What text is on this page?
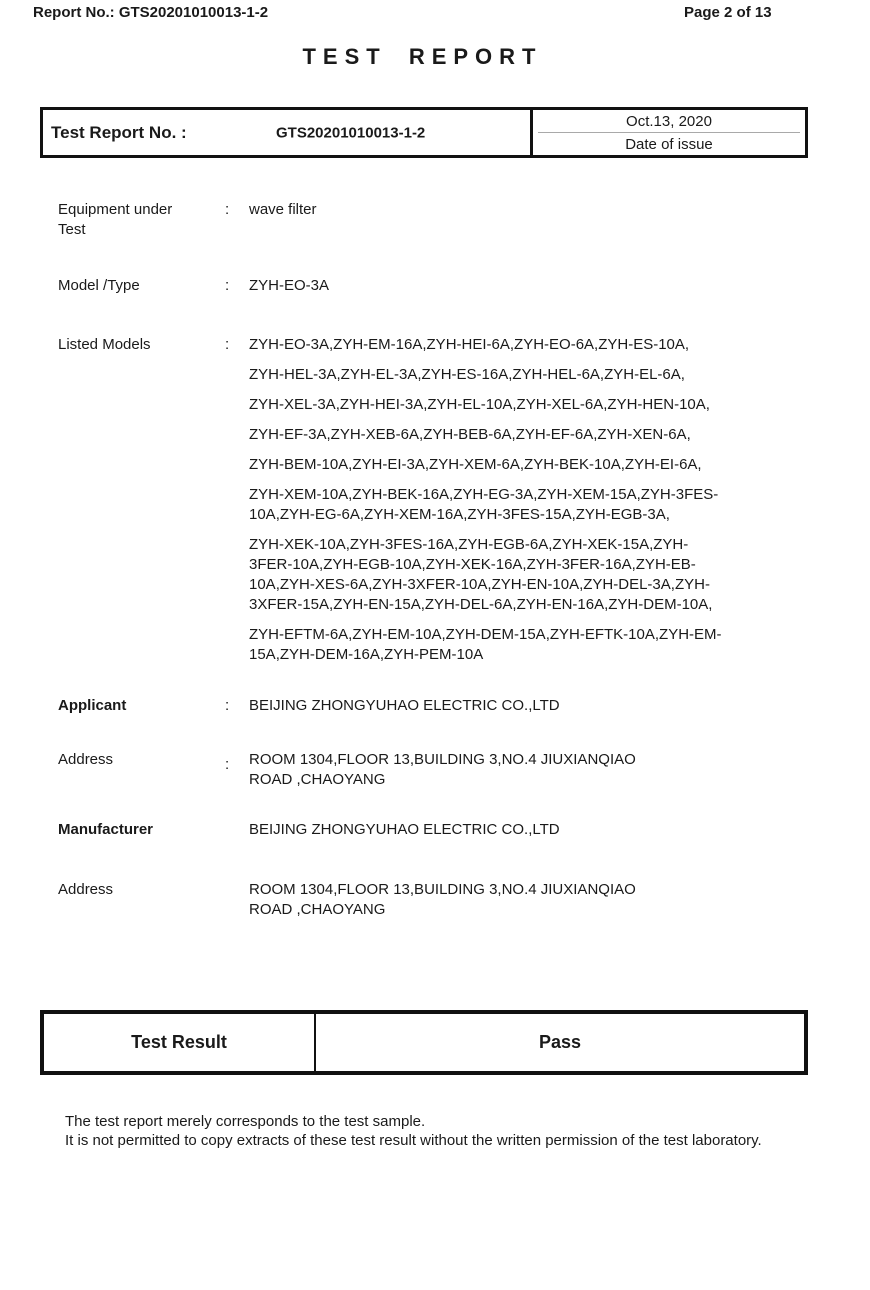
Report No.: GTS20201010013-1-2	Page 2 of 13
TEST REPORT
Test Report No. :	GTS20201010013-1-2
Oct.13, 2020
Date of issue
Equipment under Test
: wave filter
Model /Type	: ZYH-EO-3A
Listed Models	: ZYH-EO-3A,ZYH-EM-16A,ZYH-HEI-6A,ZYH-EO-6A,ZYH-ES-10A,
ZYH-HEL-3A,ZYH-EL-3A,ZYH-ES-16A,ZYH-HEL-6A,ZYH-EL-6A,
ZYH-XEL-3A,ZYH-HEI-3A,ZYH-EL-10A,ZYH-XEL-6A,ZYH-HEN-10A,
ZYH-EF-3A,ZYH-XEB-6A,ZYH-BEB-6A,ZYH-EF-6A,ZYH-XEN-6A,
ZYH-BEM-10A,ZYH-EI-3A,ZYH-XEM-6A,ZYH-BEK-10A,ZYH-EI-6A,
ZYH-XEM-10A,ZYH-BEK-16A,ZYH-EG-3A,ZYH-XEM-15A,ZYH-3FES-
10A,ZYH-EG-6A,ZYH-XEM-16A,ZYH-3FES-15A,ZYH-EGB-3A,
ZYH-XEK-10A,ZYH-3FES-16A,ZYH-EGB-6A,ZYH-XEK-15A,ZYH-
3FER-10A,ZYH-EGB-10A,ZYH-XEK-16A,ZYH-3FER-16A,ZYH-EB-
10A,ZYH-XES-6A,ZYH-3XFER-10A,ZYH-EN-10A,ZYH-DEL-3A,ZYH-
3XFER-15A,ZYH-EN-15A,ZYH-DEL-6A,ZYH-EN-16A,ZYH-DEM-10A,
ZYH-EFTM-6A,ZYH-EM-10A,ZYH-DEM-15A,ZYH-EFTK-10A,ZYH-EM-
15A,ZYH-DEM-16A,ZYH-PEM-10A
Applicant	: BEIJING ZHONGYUHAO ELECTRIC CO.,LTD
Address	: ROOM 1304,FLOOR 13,BUILDING 3,NO.4 JIUXIANQIAO
ROAD ,CHAOYANG
Manufacturer	BEIJING ZHONGYUHAO ELECTRIC CO.,LTD
Address	ROOM 1304,FLOOR 13,BUILDING 3,NO.4 JIUXIANQIAO
ROAD ,CHAOYANG
Test Result	Pass
The test report merely corresponds to the test sample.
It is not permitted to copy extracts of these test result without the written permission of the test laboratory.
